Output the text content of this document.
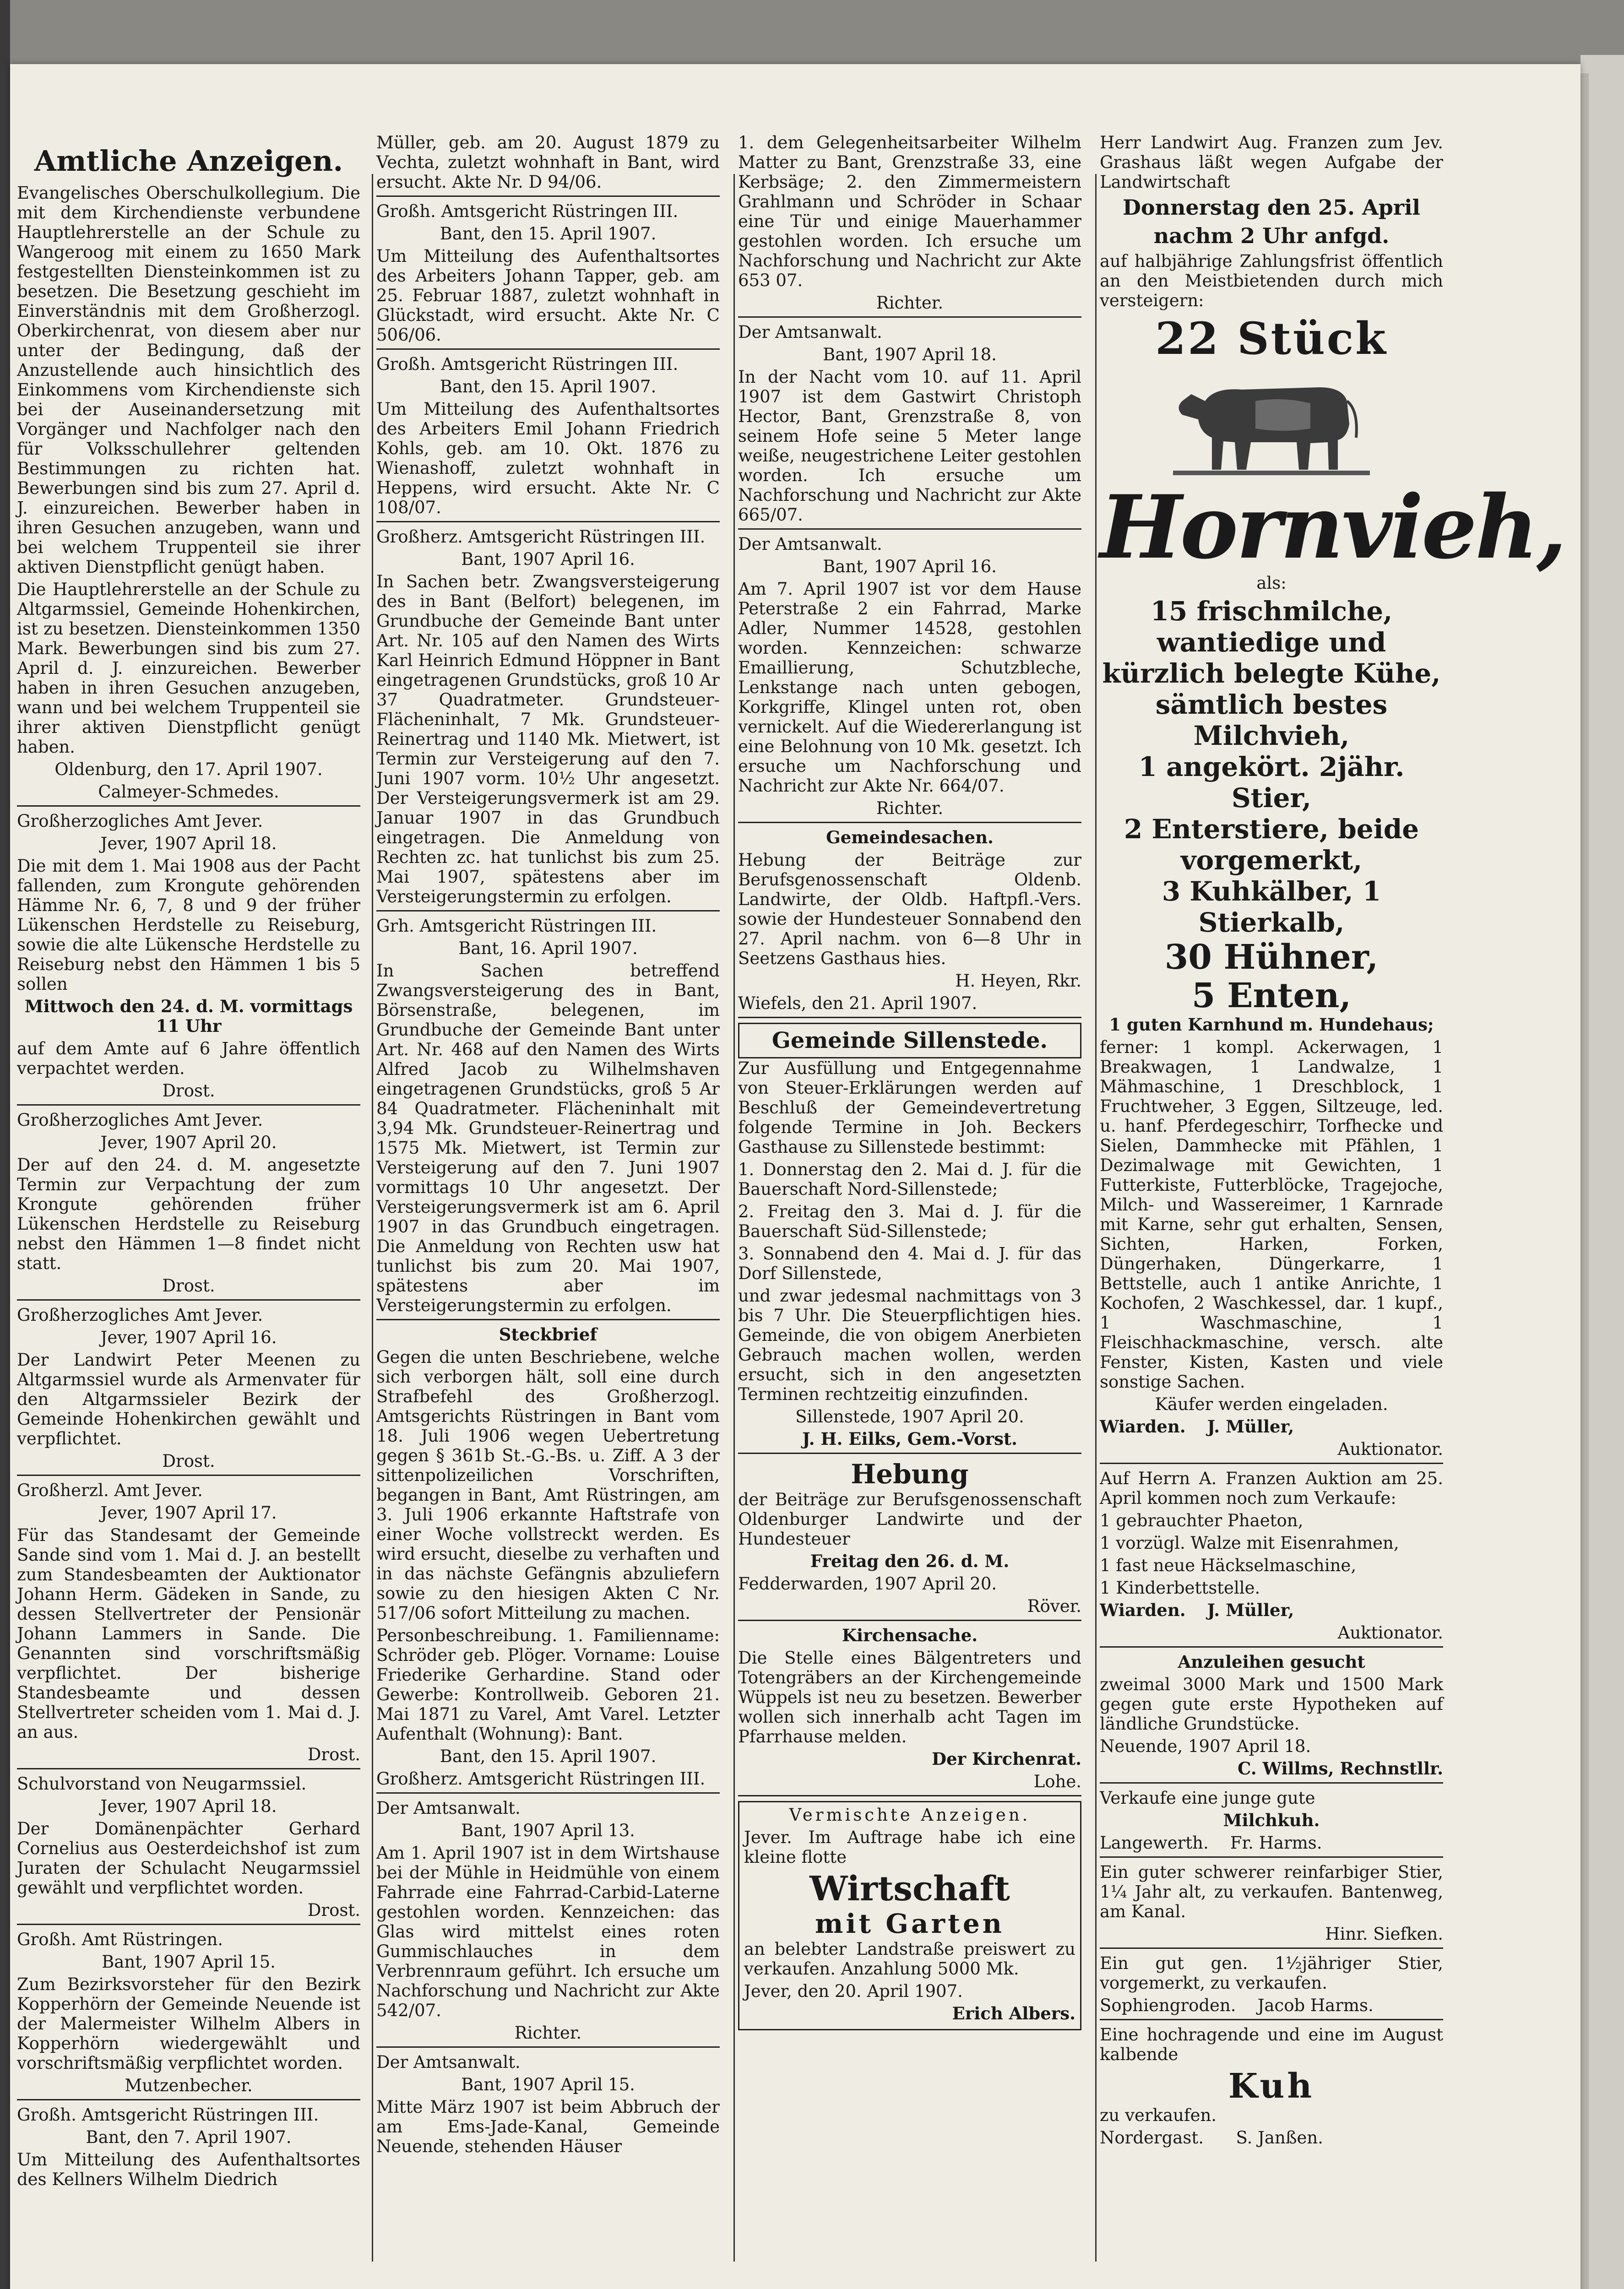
Amtliche Anzeigen.

Evangelisches Oberschulkollegium. Die mit dem Kirchendienste verbundene Hauptlehrerstelle an der Schule zu Wangeroog mit einem zu 1650 Mark festgestellten Diensteinkommen ist zu besetzen. Die Besetzung geschieht im Einverständnis mit dem Großherzogl. Oberkirchenrat, von diesem aber nur unter der Bedingung, daß der Anzustellende auch hinsichtlich des Einkommens vom Kirchendienste sich bei der Auseinandersetzung mit Vorgänger und Nachfolger nach den für Volksschullehrer geltenden Bestimmungen zu richten hat. Bewerbungen sind bis zum 27. April d. J. einzureichen. Bewerber haben in ihren Gesuchen anzugeben, wann und bei welchem Truppenteil sie ihrer aktiven Dienstpflicht genügt haben.

Die Hauptlehrerstelle an der Schule zu Altgarmssiel, Gemeinde Hohenkirchen, ist zu besetzen. Diensteinkommen 1350 Mark. Bewerbungen sind bis zum 27. April d. J. einzureichen. Bewerber haben in ihren Gesuchen anzugeben, wann und bei welchem Truppenteil sie ihrer aktiven Dienstpflicht genügt haben.

Oldenburg, den 17. April 1907.

Calmeyer-Schmedes.

Großherzogliches Amt Jever.

Jever, 1907 April 18.

Die mit dem 1. Mai 1908 aus der Pacht fallenden, zum Krongute gehörenden Hämme Nr. 6, 7, 8 und 9 der früher Lükenschen Herdstelle zu Reiseburg, sowie die alte Lükensche Herdstelle zu Reiseburg nebst den Hämmen 1 bis 5 sollen

Mittwoch den 24. d. M. vormittags 11 Uhr

auf dem Amte auf 6 Jahre öffentlich verpachtet werden.

Drost.

Großherzogliches Amt Jever.

Jever, 1907 April 20.

Der auf den 24. d. M. angesetzte Termin zur Verpachtung der zum Krongute gehörenden früher Lükenschen Herdstelle zu Reiseburg nebst den Hämmen 1—8 findet nicht statt.

Drost.

Großherzogliches Amt Jever.

Jever, 1907 April 16.

Der Landwirt Peter Meenen zu Altgarmssiel wurde als Armenvater für den Altgarmssieler Bezirk der Gemeinde Hohenkirchen gewählt und verpflichtet.

Drost.

Großherzl. Amt Jever.

Jever, 1907 April 17.

Für das Standesamt der Gemeinde Sande sind vom 1. Mai d. J. an bestellt zum Standesbeamten der Auktionator Johann Herm. Gädeken in Sande, zu dessen Stellvertreter der Pensionär Johann Lammers in Sande. Die Genannten sind vorschriftsmäßig verpflichtet. Der bisherige Standesbeamte und dessen Stellvertreter scheiden vom 1. Mai d. J. an aus.

Drost.

Schulvorstand von Neugarmssiel.

Jever, 1907 April 18.

Der Domänenpächter Gerhard Cornelius aus Oesterdeichshof ist zum Juraten der Schulacht Neugarmssiel gewählt und verpflichtet worden.

Drost.

Großh. Amt Rüstringen.

Bant, 1907 April 15.

Zum Bezirksvorsteher für den Bezirk Kopperhörn der Gemeinde Neuende ist der Malermeister Wilhelm Albers in Kopperhörn wiedergewählt und vorschriftsmäßig verpflichtet worden.

Mutzenbecher.

Großh. Amtsgericht Rüstringen III.

Bant, den 7. April 1907.

Um Mitteilung des Aufenthaltsortes des Kellners Wilhelm Diedrich

Müller, geb. am 20. August 1879 zu Vechta, zuletzt wohnhaft in Bant, wird ersucht. Akte Nr. D 94/06.

Großh. Amtsgericht Rüstringen III.

Bant, den 15. April 1907.

Um Mitteilung des Aufenthaltsortes des Arbeiters Johann Tapper, geb. am 25. Februar 1887, zuletzt wohnhaft in Glückstadt, wird ersucht. Akte Nr. C 506/06.

Großh. Amtsgericht Rüstringen III.

Bant, den 15. April 1907.

Um Mitteilung des Aufenthaltsortes des Arbeiters Emil Johann Friedrich Kohls, geb. am 10. Okt. 1876 zu Wienashoff, zuletzt wohnhaft in Heppens, wird ersucht. Akte Nr. C 108/07.

Großherz. Amtsgericht Rüstringen III.

Bant, 1907 April 16.

In Sachen betr. Zwangsversteigerung des in Bant (Belfort) belegenen, im Grundbuche der Gemeinde Bant unter Art. Nr. 105 auf den Namen des Wirts Karl Heinrich Edmund Höppner in Bant eingetragenen Grundstücks, groß 10 Ar 37 Quadratmeter. Grundsteuer-Flächeninhalt, 7 Mk. Grundsteuer-Reinertrag und 1140 Mk. Mietwert, ist Termin zur Versteigerung auf den 7. Juni 1907 vorm. 10½ Uhr angesetzt. Der Versteigerungsvermerk ist am 29. Januar 1907 in das Grundbuch eingetragen. Die Anmeldung von Rechten zc. hat tunlichst bis zum 25. Mai 1907, spätestens aber im Versteigerungstermin zu erfolgen.

Grh. Amtsgericht Rüstringen III.

Bant, 16. April 1907.

In Sachen betreffend Zwangsversteigerung des in Bant, Börsenstraße, belegenen, im Grundbuche der Gemeinde Bant unter Art. Nr. 468 auf den Namen des Wirts Alfred Jacob zu Wilhelmshaven eingetragenen Grundstücks, groß 5 Ar 84 Quadratmeter. Flächeninhalt mit 3,94 Mk. Grundsteuer-Reinertrag und 1575 Mk. Mietwert, ist Termin zur Versteigerung auf den 7. Juni 1907 vormittags 10 Uhr angesetzt. Der Versteigerungsvermerk ist am 6. April 1907 in das Grundbuch eingetragen. Die Anmeldung von Rechten usw hat tunlichst bis zum 20. Mai 1907, spätestens aber im Versteigerungstermin zu erfolgen.

Steckbrief

Gegen die unten Beschriebene, welche sich verborgen hält, soll eine durch Strafbefehl des Großherzogl. Amtsgerichts Rüstringen in Bant vom 18. Juli 1906 wegen Uebertretung gegen § 361b St.-G.-Bs. u. Ziff. A 3 der sittenpolizeilichen Vorschriften, begangen in Bant, Amt Rüstringen, am 3. Juli 1906 erkannte Haftstrafe von einer Woche vollstreckt werden. Es wird ersucht, dieselbe zu verhaften und in das nächste Gefängnis abzuliefern sowie zu den hiesigen Akten C Nr. 517/06 sofort Mitteilung zu machen.

Personbeschreibung. 1. Familienname: Schröder geb. Plöger. Vorname: Louise Friederike Gerhardine. Stand oder Gewerbe: Kontrollweib. Geboren 21. Mai 1871 zu Varel, Amt Varel. Letzter Aufenthalt (Wohnung): Bant.

Bant, den 15. April 1907.

Großherz. Amtsgericht Rüstringen III.

Der Amtsanwalt.

Bant, 1907 April 13.

Am 1. April 1907 ist in dem Wirtshause bei der Mühle in Heidmühle von einem Fahrrade eine Fahrrad-Carbid-Laterne gestohlen worden. Kennzeichen: das Glas wird mittelst eines roten Gummischlauches in dem Verbrennraum geführt. Ich ersuche um Nachforschung und Nachricht zur Akte 542/07.

Richter.

Der Amtsanwalt.

Bant, 1907 April 15.

Mitte März 1907 ist beim Abbruch der am Ems-Jade-Kanal, Gemeinde Neuende, stehenden Häuser

1. dem Gelegenheitsarbeiter Wilhelm Matter zu Bant, Grenzstraße 33, eine Kerbsäge; 2. den Zimmermeistern Grahlmann und Schröder in Schaar eine Tür und einige Mauerhammer gestohlen worden. Ich ersuche um Nachforschung und Nachricht zur Akte 653 07.

Richter.

Der Amtsanwalt.

Bant, 1907 April 18.

In der Nacht vom 10. auf 11. April 1907 ist dem Gastwirt Christoph Hector, Bant, Grenzstraße 8, von seinem Hofe seine 5 Meter lange weiße, neugestrichene Leiter gestohlen worden. Ich ersuche um Nachforschung und Nachricht zur Akte 665/07.

Der Amtsanwalt.

Bant, 1907 April 16.

Am 7. April 1907 ist vor dem Hause Peterstraße 2 ein Fahrrad, Marke Adler, Nummer 14528, gestohlen worden. Kennzeichen: schwarze Emaillierung, Schutzbleche, Lenkstange nach unten gebogen, Korkgriffe, Klingel unten rot, oben vernickelt. Auf die Wiedererlangung ist eine Belohnung von 10 Mk. gesetzt. Ich ersuche um Nachforschung und Nachricht zur Akte Nr. 664/07.

Richter.

Gemeindesachen.

Hebung der Beiträge zur Berufsgenossenschaft Oldenb. Landwirte, der Oldb. Haftpfl.-Vers. sowie der Hundesteuer Sonnabend den 27. April nachm. von 6—8 Uhr in Seetzens Gasthaus hies.

H. Heyen, Rkr.

Wiefels, den 21. April 1907.

Gemeinde Sillenstede.

Zur Ausfüllung und Entgegennahme von Steuer-Erklärungen werden auf Beschluß der Gemeindevertretung folgende Termine in Joh. Beckers Gasthause zu Sillenstede bestimmt:

1. Donnerstag den 2. Mai d. J. für die Bauerschaft Nord-Sillenstede;

2. Freitag den 3. Mai d. J. für die Bauerschaft Süd-Sillenstede;

3. Sonnabend den 4. Mai d. J. für das Dorf Sillenstede,

und zwar jedesmal nachmittags von 3 bis 7 Uhr. Die Steuerpflichtigen hies. Gemeinde, die von obigem Anerbieten Gebrauch machen wollen, werden ersucht, sich in den angesetzten Terminen rechtzeitig einzufinden.

Sillenstede, 1907 April 20.

J. H. Eilks, Gem.-Vorst.

Hebung

der Beiträge zur Berufsgenossenschaft Oldenburger Landwirte und der Hundesteuer

Freitag den 26. d. M.

Fedderwarden, 1907 April 20.

Röver.

Kirchensache.

Die Stelle eines Bälgentreters und Totengräbers an der Kirchengemeinde Wüppels ist neu zu besetzen. Bewerber wollen sich innerhalb acht Tagen im Pfarrhause melden.

Der Kirchenrat.

Lohe.

Vermischte Anzeigen.

Jever. Im Auftrage habe ich eine kleine flotte

Wirtschaft
mit Garten

an belebter Landstraße preiswert zu verkaufen. Anzahlung 5000 Mk.

Jever, den 20. April 1907.

Erich Albers.

Herr Landwirt Aug. Franzen zum Jev. Grashaus läßt wegen Aufgabe der Landwirtschaft

Donnerstag den 25. April

nachm 2 Uhr anfgd.

auf halbjährige Zahlungsfrist öffentlich an den Meistbietenden durch mich versteigern:

22 Stück
Hornvieh,

als:

15 frischmilche, wantiedige und kürzlich belegte Kühe, sämtlich bestes Milchvieh,
1 angekört. 2jähr. Stier,
2 Enterstiere, beide vorgemerkt,
3 Kuhkälber, 1 Stierkalb,
30 Hühner,
5 Enten,

1 guten Karnhund m. Hundehaus;

ferner: 1 kompl. Ackerwagen, 1 Breakwagen, 1 Landwalze, 1 Mähmaschine, 1 Dreschblock, 1 Fruchtweher, 3 Eggen, Siltzeuge, led. u. hanf. Pferdegeschirr, Torfhecke und Sielen, Dammhecke mit Pfählen, 1 Dezimalwage mit Gewichten, 1 Futterkiste, Futterblöcke, Tragejoche, Milch- und Wassereimer, 1 Karnrade mit Karne, sehr gut erhalten, Sensen, Sichten, Harken, Forken, Düngerhaken, Düngerkarre, 1 Bettstelle, auch 1 antike Anrichte, 1 Kochofen, 2 Waschkessel, dar. 1 kupf., 1 Waschmaschine, 1 Fleischhackmaschine, versch. alte Fenster, Kisten, Kasten und viele sonstige Sachen.

Käufer werden eingeladen.

Wiarden. J. Müller,

Auktionator.

Auf Herrn A. Franzen Auktion am 25. April kommen noch zum Verkaufe:

1 gebrauchter Phaeton,

1 vorzügl. Walze mit Eisenrahmen,

1 fast neue Häckselmaschine,

1 Kinderbettstelle.

Wiarden. J. Müller,

Auktionator.

Anzuleihen gesucht

zweimal 3000 Mark und 1500 Mark gegen gute erste Hypotheken auf ländliche Grundstücke.

Neuende, 1907 April 18.

C. Willms, Rechnstllr.

Verkaufe eine junge gute

Milchkuh.

Langewerth. Fr. Harms.

Ein guter schwerer reinfarbiger Stier, 1¼ Jahr alt, zu verkaufen. Bantenweg, am Kanal.

Hinr. Siefken.

Ein gut gen. 1½jähriger Stier, vorgemerkt, zu verkaufen.

Sophiengroden. Jacob Harms.

Eine hochragende und eine im August kalbende

Kuh

zu verkaufen.

Nordergast. S. Janßen.
